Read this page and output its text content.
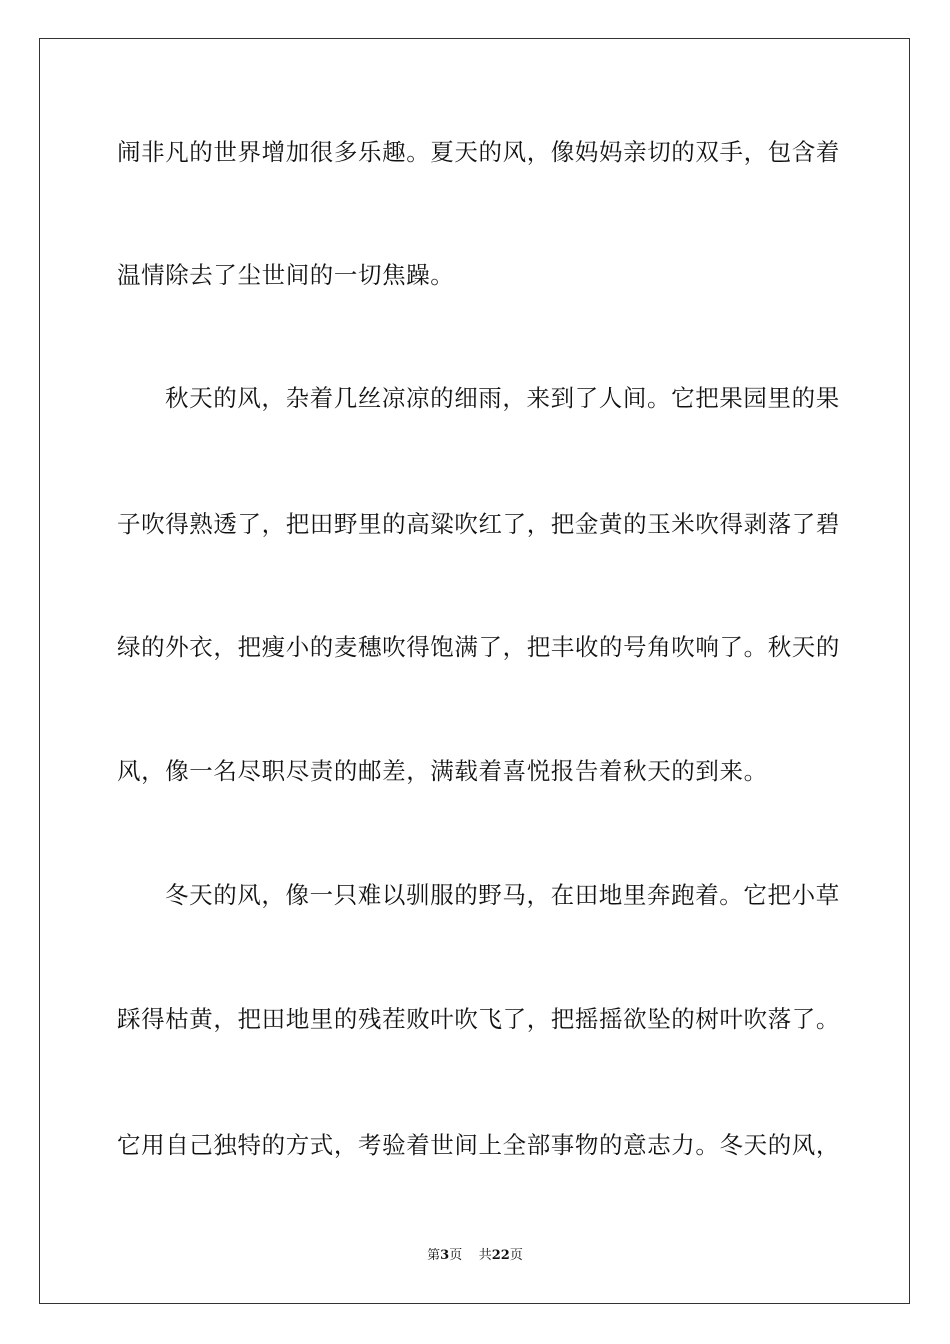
闹非凡的世界增加很多乐趣。夏天的风，像妈妈亲切的双手，包含着
温情除去了尘世间的一切焦躁。
秋天的风，杂着几丝凉凉的细雨，来到了人间。它把果园里的果
子吹得熟透了，把田野里的高粱吹红了，把金黄的玉米吹得剥落了碧
绿的外衣，把瘦小的麦穗吹得饱满了，把丰收的号角吹响了。秋天的
风，像一名尽职尽责的邮差，满载着喜悦报告着秋天的到来。
冬天的风，像一只难以驯服的野马，在田地里奔跑着。它把小草
踩得枯黄，把田地里的残茬败叶吹飞了，把摇摇欲坠的树叶吹落了。
它用自己独特的方式，考验着世间上全部事物的意志力。冬天的风，
第3页 共22页
